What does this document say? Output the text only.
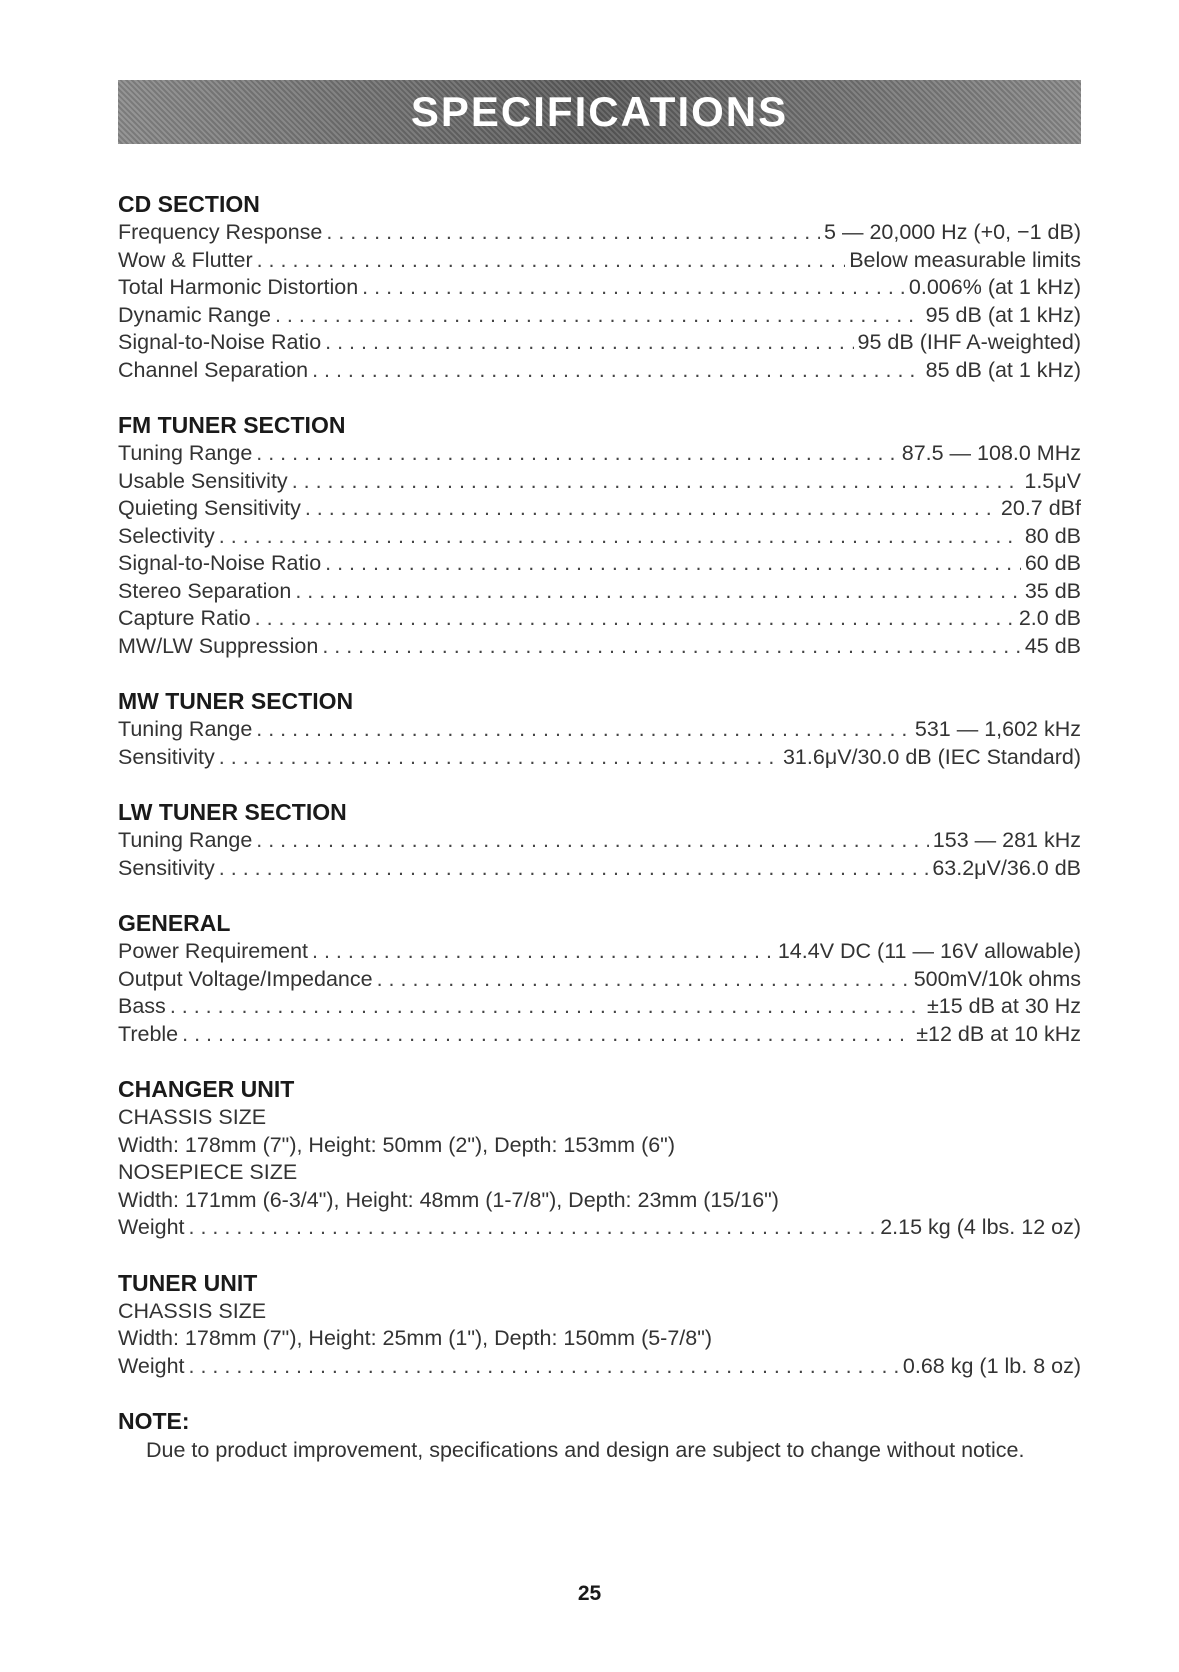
SPECIFICATIONS
CD SECTION
Frequency Response . . .	5 — 20,000 Hz (+0, −1 dB)
Wow & Flutter . . .	Below measurable limits
Total Harmonic Distortion . . .	0.006% (at 1 kHz)
Dynamic Range . . .	95 dB (at 1 kHz)
Signal-to-Noise Ratio . . .	95 dB (IHF A-weighted)
Channel Separation . . .	85 dB (at 1 kHz)
FM TUNER SECTION
Tuning Range . . .	87.5 — 108.0 MHz
Usable Sensitivity . . .	1.5μV
Quieting Sensitivity . . .	20.7 dBf
Selectivity . . .	80 dB
Signal-to-Noise Ratio . . .	60 dB
Stereo Separation . . .	35 dB
Capture Ratio . . .	2.0 dB
MW/LW Suppression . . .	45 dB
MW TUNER SECTION
Tuning Range . . .	531 — 1,602 kHz
Sensitivity . . .	31.6μV/30.0 dB (IEC Standard)
LW TUNER SECTION
Tuning Range . . .	153 — 281 kHz
Sensitivity . . .	63.2μV/36.0 dB
GENERAL
Power Requirement . . .	14.4V DC (11 — 16V allowable)
Output Voltage/Impedance . . .	500mV/10k ohms
Bass . . .	±15 dB at 30 Hz
Treble . . .	±12 dB at 10 kHz
CHANGER UNIT
CHASSIS SIZE
Width: 178mm (7"), Height: 50mm (2"), Depth: 153mm (6")
NOSEPIECE SIZE
Width: 171mm (6-3/4"), Height: 48mm (1-7/8"), Depth: 23mm (15/16")
Weight . . .	2.15 kg (4 lbs. 12 oz)
TUNER UNIT
CHASSIS SIZE
Width: 178mm (7"), Height: 25mm (1"), Depth: 150mm (5-7/8")
Weight . . .	0.68 kg (1 lb. 8 oz)
NOTE:
Due to product improvement, specifications and design are subject to change without notice.
25
